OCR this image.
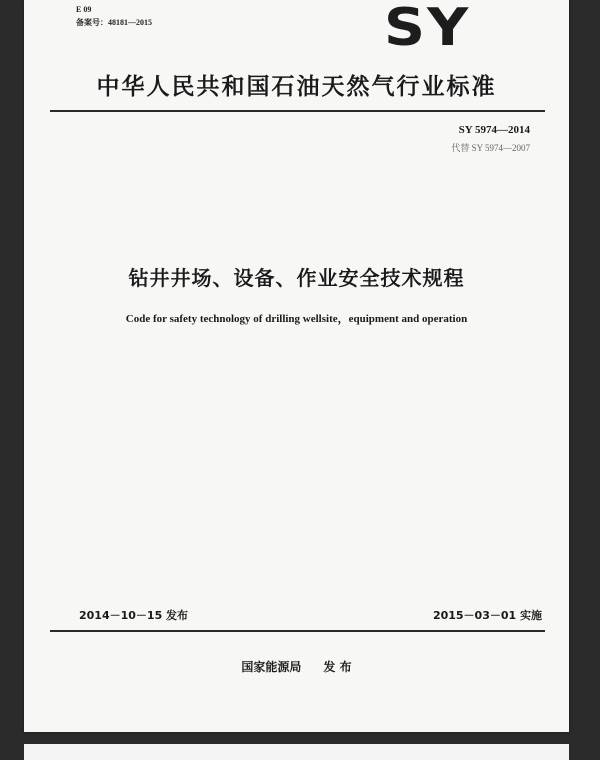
E 09
备案号：48181—2015	SY
中华人民共和国石油天然气行业标准
SY 5974—2014
代替 SY 5974—2007
钻井井场、设备、作业安全技术规程
Code for safety technology of drilling wellsite，equipment and operation
2014－10－15 发布	2015－03－01 实施
国家能源局 发 布
